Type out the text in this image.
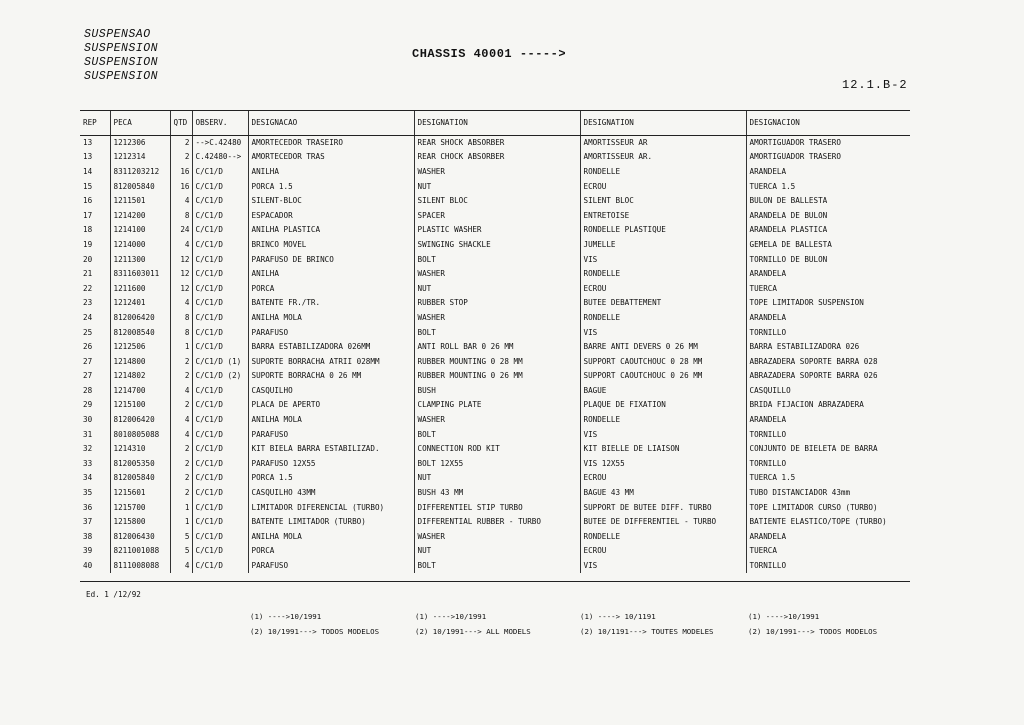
SUSPENSAO
SUSPENSION
SUSPENSION
SUSPENSION
CHASSIS 40001 ----->
12.1.B-2
REP	PECA	QTD	OBSERV.	DESIGNACAO	DESIGNATION	DESIGNATION	DESIGNACION
13	1212306	2	-->C.42480	AMORTECEDOR TRASEIRO	REAR SHOCK ABSORBER	AMORTISSEUR AR	AMORTIGUADOR TRASERO
13	1212314	2	C.42480-->	AMORTECEDOR TRAS	REAR CHOCK ABSORBER	AMORTISSEUR AR.	AMORTIGUADOR TRASERO
14	8311203212	16	C/C1/D	ANILHA	WASHER	RONDELLE	ARANDELA
15	812005840	16	C/C1/D	PORCA 1.5	NUT	ECROU	TUERCA 1.5
16	1211501	4	C/C1/D	SILENT-BLOC	SILENT BLOC	SILENT BLOC	BULON DE BALLESTA
17	1214200	8	C/C1/D	ESPACADOR	SPACER	ENTRETOISE	ARANDELA DE BULON
18	1214100	24	C/C1/D	ANILHA PLASTICA	PLASTIC WASHER	RONDELLE PLASTIQUE	ARANDELA PLASTICA
19	1214000	4	C/C1/D	BRINCO MOVEL	SWINGING SHACKLE	JUMELLE	GEMELA DE BALLESTA
20	1211300	12	C/C1/D	PARAFUSO DE BRINCO	BOLT	VIS	TORNILLO DE BULON
21	8311603011	12	C/C1/D	ANILHA	WASHER	RONDELLE	ARANDELA
22	1211600	12	C/C1/D	PORCA	NUT	ECROU	TUERCA
23	1212401	4	C/C1/D	BATENTE FR./TR.	RUBBER STOP	BUTEE DEBATTEMENT	TOPE LIMITADOR SUSPENSION
24	812006420	8	C/C1/D	ANILHA MOLA	WASHER	RONDELLE	ARANDELA
25	812008540	8	C/C1/D	PARAFUSO	BOLT	VIS	TORNILLO
26	1212506	1	C/C1/D	BARRA ESTABILIZADORA 026MM	ANTI ROLL BAR 0 26 MM	BARRE ANTI DEVERS 0 26 MM	BARRA ESTABILIZADORA 026
27	1214800	2	C/C1/D (1)	SUPORTE BORRACHA ATRII 028MM	RUBBER MOUNTING 0 28 MM	SUPPORT CAOUTCHOUC 0 28 MM	ABRAZADERA SOPORTE BARRA 028
27	1214802	2	C/C1/D (2)	SUPORTE BORRACHA 0 26 MM	RUBBER MOUNTING 0 26 MM	SUPPORT CAOUTCHOUC 0 26 MM	ABRAZADERA SOPORTE BARRA 026
28	1214700	4	C/C1/D	CASQUILHO	BUSH	BAGUE	CASQUILLO
29	1215100	2	C/C1/D	PLACA DE APERTO	CLAMPING PLATE	PLAQUE DE FIXATION	BRIDA FIJACION ABRAZADERA
30	812006420	4	C/C1/D	ANILHA MOLA	WASHER	RONDELLE	ARANDELA
31	8010805088	4	C/C1/D	PARAFUSO	BOLT	VIS	TORNILLO
32	1214310	2	C/C1/D	KIT BIELA BARRA ESTABILIZAD.	CONNECTION ROD KIT	KIT BIELLE DE LIAISON	CONJUNTO DE BIELETA DE BARRA
33	812005350	2	C/C1/D	PARAFUSO 12X55	BOLT 12X55	VIS 12X55	TORNILLO
34	812005840	2	C/C1/D	PORCA 1.5	NUT	ECROU	TUERCA 1.5
35	1215601	2	C/C1/D	CASQUILHO 43MM	BUSH 43 MM	BAGUE 43 MM	TUBO DISTANCIADOR 43mm
36	1215700	1	C/C1/D	LIMITADOR DIFERENCIAL (TURBO)	DIFFERENTIEL STIP TURBO	SUPPORT DE BUTEE DIFF. TURBO	TOPE LIMITADOR CURSO (TURBO)
37	1215800	1	C/C1/D	BATENTE LIMITADOR (TURBO)	DIFFERENTIAL RUBBER - TURBO	BUTEE DE DIFFERENTIEL - TURBO	BATIENTE ELASTICO/TOPE (TURBO)
38	812006430	5	C/C1/D	ANILHA MOLA	WASHER	RONDELLE	ARANDELA
39	8211001088	5	C/C1/D	PORCA	NUT	ECROU	TUERCA
40	8111008088	4	C/C1/D	PARAFUSO	BOLT	VIS	TORNILLO
Ed. 1 /12/92
(1) ---->10/1991
(2) 10/1991---> TODOS MODELOS
(1) ---->10/1991
(2) 10/1991---> ALL MODELS
(1) ----> 10/1191
(2) 10/1191---> TOUTES MODELES
(1) ---->10/1991
(2) 10/1991---> TODOS MODELOS
